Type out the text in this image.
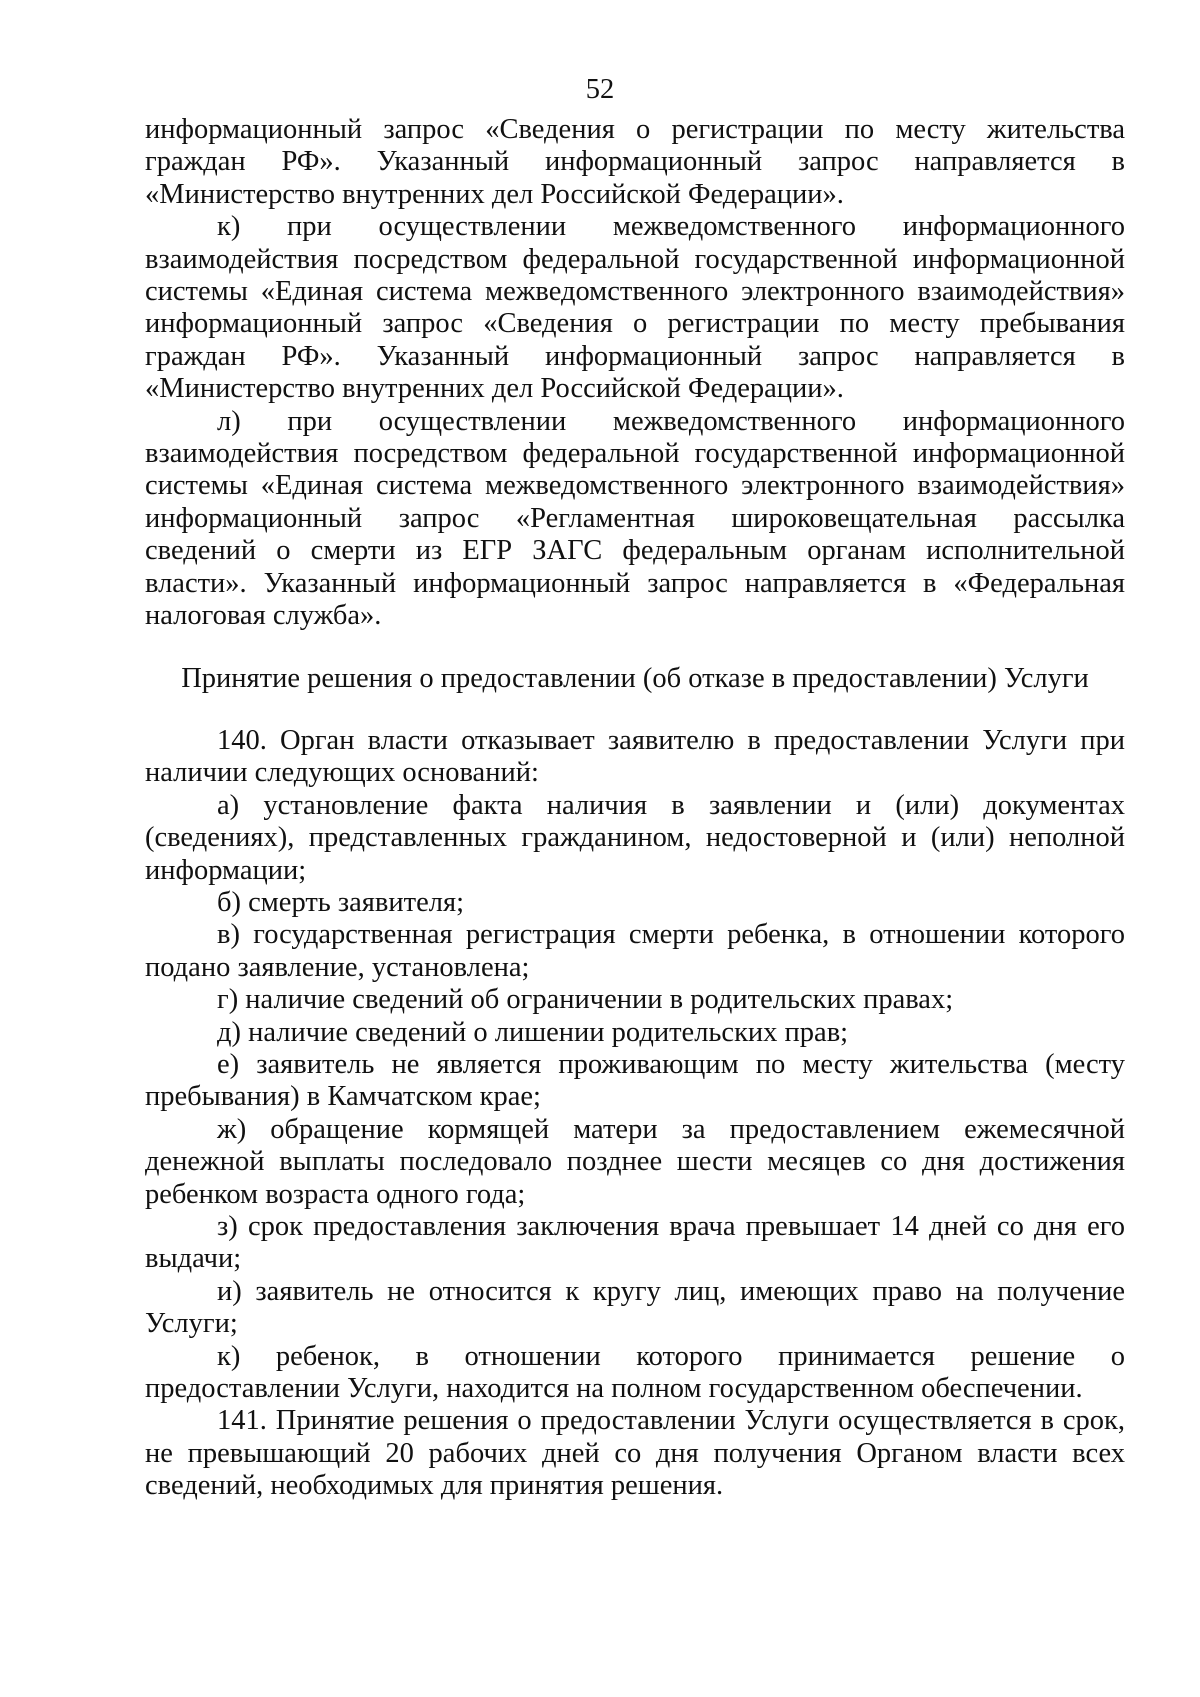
52

информационный запрос «Сведения о регистрации по месту жительства граждан РФ». Указанный информационный запрос направляется в «Министерство внутренних дел Российской Федерации».

к) при осуществлении межведомственного информационного взаимодействия посредством федеральной государственной информационной системы «Единая система межведомственного электронного взаимодействия» информационный запрос «Сведения о регистрации по месту пребывания граждан РФ». Указанный информационный запрос направляется в «Министерство внутренних дел Российской Федерации».

л) при осуществлении межведомственного информационного взаимодействия посредством федеральной государственной информационной системы «Единая система межведомственного электронного взаимодействия» информационный запрос «Регламентная широковещательная рассылка сведений о смерти из ЕГР ЗАГС федеральным органам исполнительной власти». Указанный информационный запрос направляется в «Федеральная налоговая служба».

Принятие решения о предоставлении (об отказе в предоставлении) Услуги

140. Орган власти отказывает заявителю в предоставлении Услуги при наличии следующих оснований:

а) установление факта наличия в заявлении и (или) документах (сведениях), представленных гражданином, недостоверной и (или) неполной информации;

б) смерть заявителя;

в) государственная регистрация смерти ребенка, в отношении которого подано заявление, установлена;

г) наличие сведений об ограничении в родительских правах;

д) наличие сведений о лишении родительских прав;

е) заявитель не является проживающим по месту жительства (месту пребывания) в Камчатском крае;

ж) обращение кормящей матери за предоставлением ежемесячной денежной выплаты последовало позднее шести месяцев со дня достижения ребенком возраста одного года;

з) срок предоставления заключения врача превышает 14 дней со дня его выдачи;

и) заявитель не относится к кругу лиц, имеющих право на получение Услуги;

к) ребенок, в отношении которого принимается решение о предоставлении Услуги, находится на полном государственном обеспечении.

141. Принятие решения о предоставлении Услуги осуществляется в срок, не превышающий 20 рабочих дней со дня получения Органом власти всех сведений, необходимых для принятия решения.
